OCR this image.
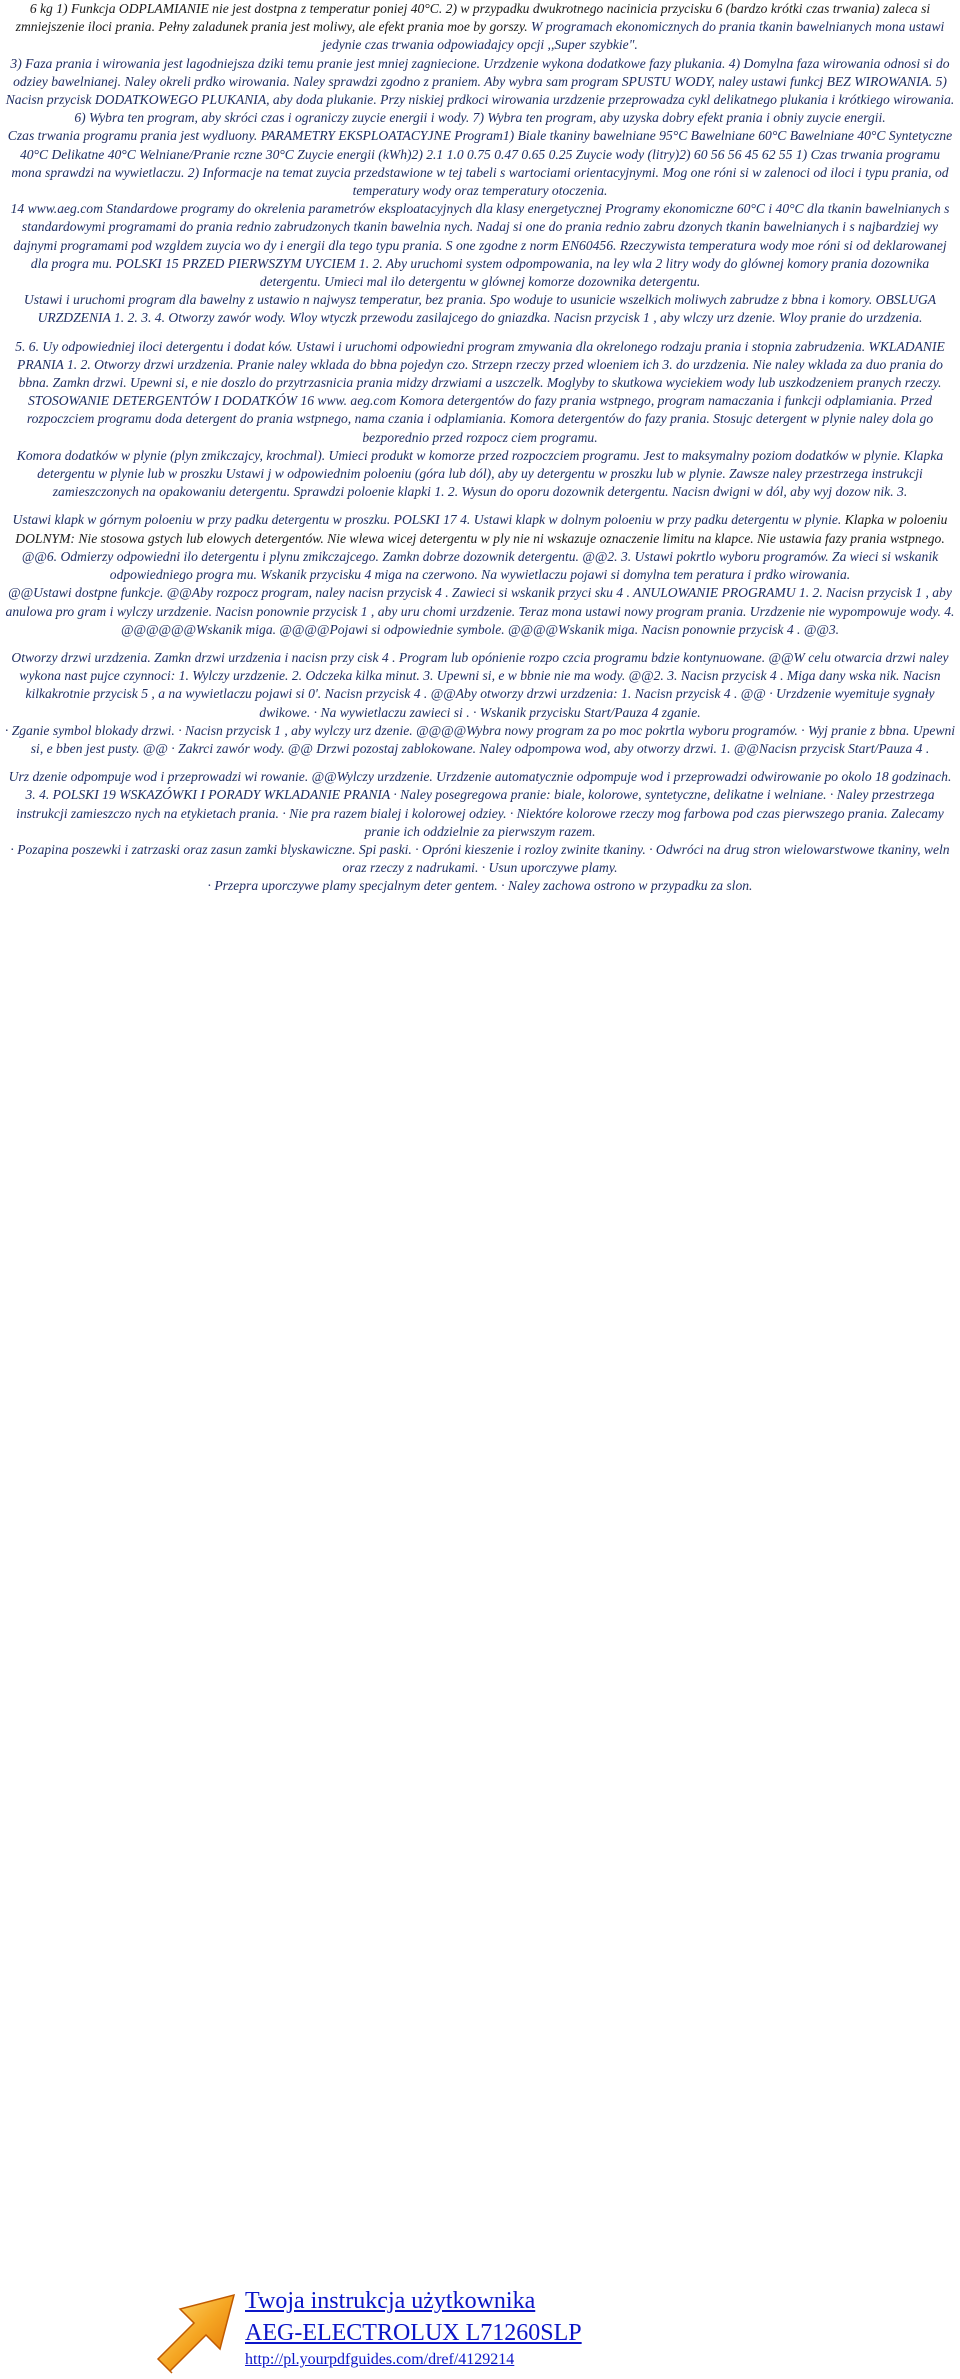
6 kg 1) Funkcja ODPLAMIANIE nie jest dostpna z temperatur poniej 40°C. 2) w przypadku dwukrotnego nacinicia przycisku 6 (bardzo krótki czas trwania) zaleca si zmniejszenie iloci prania. Pełny zaladunek prania jest moliwy, ale efekt prania moe by gorszy. W programach ekonomicznych do prania tkanin bawelnianych mona ustawi jedynie czas trwania odpowiadajcy opcji ,,Super szybkie".

3) Faza prania i wirowania jest lagodniejsza dziki temu pranie jest mniej zagniecione. Urzdzenie wykona dodatkowe fazy plukania. 4) Domylna faza wirowania odnosi si do odziey bawelnianej. Naley okreli prdko wirowania. Naley sprawdzi zgodno z praniem. Aby wybra sam program SPUSTU WODY, naley ustawi funkcj BEZ WIROWANIA. 5) Nacisn przycisk DODATKOWEGO PLUKANIA, aby doda plukanie. Przy niskiej prdkoci wirowania urzdzenie przeprowadza cykl delikatnego plukania i krótkiego wirowania. 6) Wybra ten program, aby skróci czas i ograniczy zuycie energii i wody. 7) Wybra ten program, aby uzyska dobry efekt prania i obniy zuycie energii.

Czas trwania programu prania jest wydluony. PARAMETRY EKSPLOATACYJNE Program1) Biale tkaniny bawelniane 95°C Bawelniane 60°C Bawelniane 40°C Syntetyczne 40°C Delikatne 40°C Welniane/Pranie rczne 30°C Zuycie energii (kWh)2) 2.1 1.0 0.75 0.47 0.65 0.25 Zuycie wody (litry)2) 60 56 56 45 62 55 1) Czas trwania programu mona sprawdzi na wywietlaczu. 2) Informacje na temat zuycia przedstawione w tej tabeli s wartociami orientacyjnymi. Mog one róni si w zalenoci od iloci i typu prania, od temperatury wody oraz temperatury otoczenia.

14 www.aeg.com Standardowe programy do okrelenia parametrów eksploatacyjnych dla klasy energetycznej Programy ekonomiczne 60°C i 40°C dla tkanin bawelnianych s standardowymi programami do prania rednio zabrudzonych tkanin bawelnia nych. Nadaj si one do prania rednio zabru dzonych tkanin bawelnianych i s najbardziej wy dajnymi programami pod wzgldem zuycia wo dy i energii dla tego typu prania. S one zgodne z norm EN60456. Rzeczywista temperatura wody moe róni si od deklarowanej dla progra mu. POLSKI 15 PRZED PIERWSZYM UYCIEM 1. 2. Aby uruchomi system odpompowania, na ley wla 2 litry wody do glównej komory prania dozownika detergentu. Umieci mal ilo detergentu w glównej komorze dozownika detergentu.

Ustawi i uruchomi program dla bawelny z ustawio n najwysz temperatur, bez prania. Spo woduje to usunicie wszelkich moliwych zabrudze z bbna i komory. OBSLUGA URZDZENIA 1. 2. 3. 4. Otworzy zawór wody. Wloy wtyczk przewodu zasilajcego do gniazdka. Nacisn przycisk 1 , aby wlczy urz dzenie. Wloy pranie do urzdzenia.

5. 6. Uy odpowiedniej iloci detergentu i dodat ków. Ustawi i uruchomi odpowiedni program zmywania dla okrelonego rodzaju prania i stopnia zabrudzenia. WKLADANIE PRANIA 1. 2. Otworzy drzwi urzdzenia. Pranie naley wklada do bbna pojedyn czo. Strzepn rzeczy przed wloeniem ich 3. do urzdzenia. Nie naley wklada za duo prania do bbna. Zamkn drzwi. Upewni si, e nie doszlo do przytrzasnicia prania midzy drzwiami a uszczelk. Moglyby to skutkowa wyciekiem wody lub uszkodzeniem pranych rzeczy. STOSOWANIE DETERGENTÓW I DODATKÓW 16 www. aeg.com Komora detergentów do fazy prania wstpnego, program namaczania i funkcji odplamiania. Przed rozpoczciem programu doda detergent do prania wstpnego, nama czania i odplamiania. Komora detergentów do fazy prania. Stosujc detergent w plynie naley dola go bezporednio przed rozpocz ciem programu.

Komora dodatków w plynie (plyn zmikczajcy, krochmal). Umieci produkt w komorze przed rozpoczciem programu. Jest to maksymalny poziom dodatków w plynie. Klapka detergentu w plynie lub w proszku Ustawi j w odpowiednim poloeniu (góra lub dól), aby uy detergentu w proszku lub w plynie. Zawsze naley przestrzega instrukcji zamieszczonych na opakowaniu detergentu. Sprawdzi poloenie klapki 1. 2. Wysun do oporu dozownik detergentu. Nacisn dwigni w dól, aby wyj dozow nik. 3.

Ustawi klapk w górnym poloeniu w przy padku detergentu w proszku. POLSKI 17 4. Ustawi klapk w dolnym poloeniu w przy padku detergentu w plynie. Klapka w poloeniu DOLNYM: Nie stosowa gstych lub elowych detergentów. Nie wlewa wicej detergentu w ply nie ni wskazuje oznaczenie limitu na klapce. Nie ustawia fazy prania wstpnego. @@6. Odmierzy odpowiedni ilo detergentu i plynu zmikczajcego. Zamkn dobrze dozownik detergentu. @@2. 3. Ustawi pokrtlo wyboru programów. Za wieci si wskanik odpowiedniego progra mu. Wskanik przycisku 4 miga na czerwono. Na wywietlaczu pojawi si domylna tem peratura i prdko wirowania.

@@Ustawi dostpne funkcje. @@Aby rozpocz program, naley nacisn przycisk 4 . Zawieci si wskanik przyci sku 4 . ANULOWANIE PROGRAMU 1. 2. Nacisn przycisk 1 , aby anulowa pro gram i wylczy urzdzenie. Nacisn ponownie przycisk 1 , aby uru chomi urzdzenie. Teraz mona ustawi nowy program prania. Urzdzenie nie wypompowuje wody. 4. @@@@@@Wskanik miga. @@@@Pojawi si odpowiednie symbole. @@@@Wskanik miga. Nacisn ponownie przycisk 4 . @@3.

Otworzy drzwi urzdzenia. Zamkn drzwi urzdzenia i nacisn przy cisk 4 . Program lub opónienie rozpo czcia programu bdzie kontynuowane. @@W celu otwarcia drzwi naley wykona nast pujce czynnoci: 1. Wylczy urzdzenie. 2. Odczeka kilka minut. 3. Upewni si, e w bbnie nie ma wody. @@2. 3. Nacisn przycisk 4 . Miga dany wska nik. Nacisn kilkakrotnie przycisk 5 , a na wywietlaczu pojawi si 0'. Nacisn przycisk 4 . @@Aby otworzy drzwi urzdzenia: 1. Nacisn przycisk 4 . @@ · Urzdzenie wyemituje sygnały dwikowe. · Na wywietlaczu zawieci si . · Wskanik przycisku Start/Pauza 4 zganie.

· Zganie symbol blokady drzwi. · Nacisn przycisk 1 , aby wylczy urz dzenie. @@@@Wybra nowy program za po moc pokrtla wyboru programów. · Wyj pranie z bbna. Upewni si, e bben jest pusty. @@ · Zakrci zawór wody. @@ Drzwi pozostaj zablokowane. Naley odpompowa wod, aby otworzy drzwi. 1. @@Nacisn przycisk Start/Pauza 4 .

Urz dzenie odpompuje wod i przeprowadzi wi rowanie. @@Wylczy urzdzenie. Urzdzenie automatycznie odpompuje wod i przeprowadzi odwirowanie po okolo 18 godzinach. 3. 4. POLSKI 19 WSKAZÓWKI I PORADY WKLADANIE PRANIA · Naley posegregowa pranie: biale, kolorowe, syntetyczne, delikatne i welniane. · Naley przestrzega instrukcji zamieszczo nych na etykietach prania. · Nie pra razem bialej i kolorowej odziey. · Niektóre kolorowe rzeczy mog farbowa pod czas pierwszego prania. Zalecamy pranie ich oddzielnie za pierwszym razem.

· Pozapina poszewki i zatrzaski oraz zasun zamki blyskawiczne. Spi paski. · Opróni kieszenie i rozloy zwinite tkaniny. · Odwróci na drug stron wielowarstwowe tkaniny, weln oraz rzeczy z nadrukami. · Usun uporczywe plamy.

· Przepra uporczywe plamy specjalnym deter gentem. · Naley zachowa ostrono w przypadku za slon.

Twoja instrukcja użytkownika
AEG-ELECTROLUX L71260SLP
http://pl.yourpdfguides.com/dref/4129214
